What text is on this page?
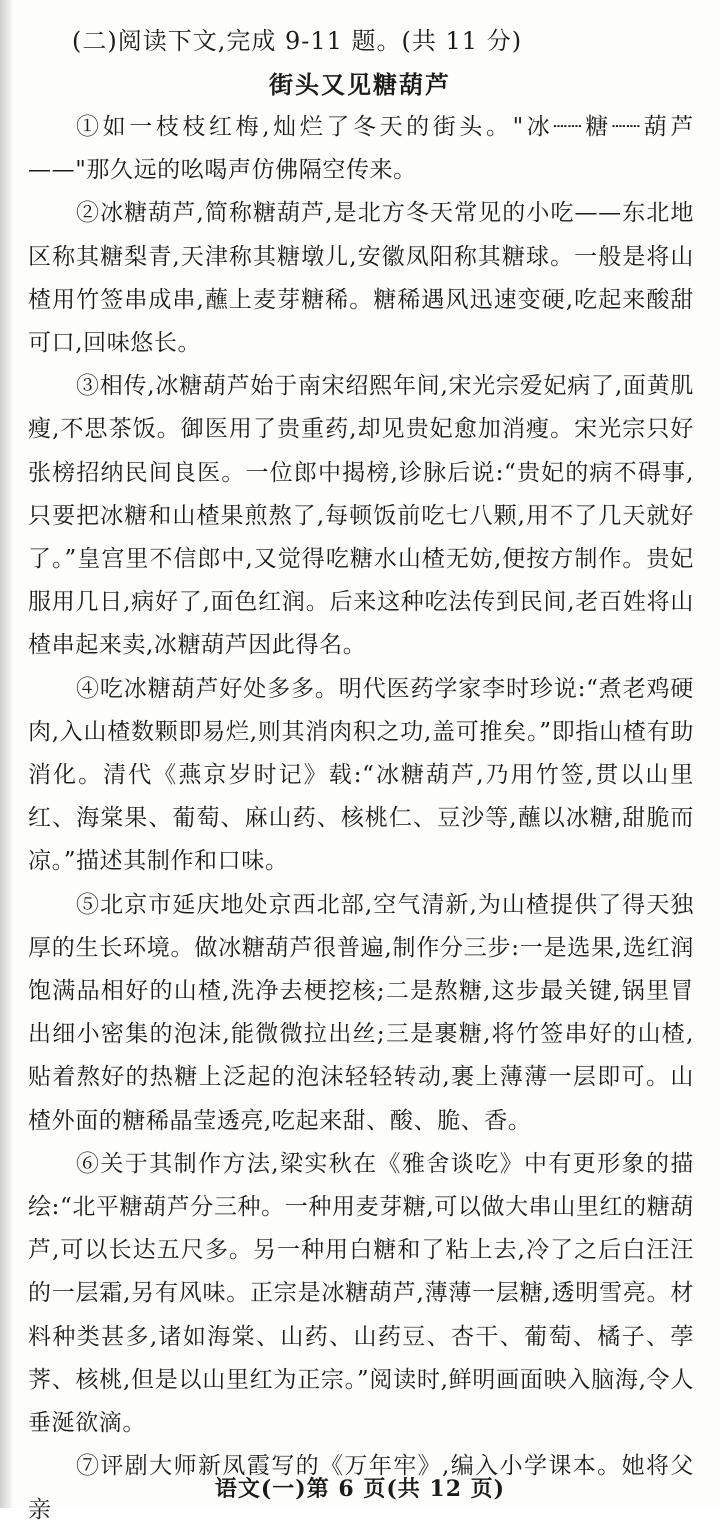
(二)阅读下文,完成 9-11 题。(共 11 分)
街头又见糖葫芦

①如一枝枝红梅,灿烂了冬天的街头。"冰┈┈糖┈┈葫芦——"那久远的吆喝声仿佛隔空传来。

②冰糖葫芦,简称糖葫芦,是北方冬天常见的小吃——东北地区称其糖梨青,天津称其糖墩儿,安徽凤阳称其糖球。一般是将山楂用竹签串成串,蘸上麦芽糖稀。糖稀遇风迅速变硬,吃起来酸甜可口,回味悠长。

③相传,冰糖葫芦始于南宋绍熙年间,宋光宗爱妃病了,面黄肌瘦,不思茶饭。御医用了贵重药,却见贵妃愈加消瘦。宋光宗只好张榜招纳民间良医。一位郎中揭榜,诊脉后说:“贵妃的病不碍事,只要把冰糖和山楂果煎熬了,每顿饭前吃七八颗,用不了几天就好了。”皇宫里不信郎中,又觉得吃糖水山楂无妨,便按方制作。贵妃服用几日,病好了,面色红润。后来这种吃法传到民间,老百姓将山楂串起来卖,冰糖葫芦因此得名。

④吃冰糖葫芦好处多多。明代医药学家李时珍说:“煮老鸡硬肉,入山楂数颗即易烂,则其消肉积之功,盖可推矣。”即指山楂有助消化。清代《燕京岁时记》载:“冰糖葫芦,乃用竹签,贯以山里红、海棠果、葡萄、麻山药、核桃仁、豆沙等,蘸以冰糖,甜脆而凉。”描述其制作和口味。

⑤北京市延庆地处京西北部,空气清新,为山楂提供了得天独厚的生长环境。做冰糖葫芦很普遍,制作分三步:一是选果,选红润饱满品相好的山楂,洗净去梗挖核;二是熬糖,这步最关键,锅里冒出细小密集的泡沫,能微微拉出丝;三是裹糖,将竹签串好的山楂,贴着熬好的热糖上泛起的泡沫轻轻转动,裹上薄薄一层即可。山楂外面的糖稀晶莹透亮,吃起来甜、酸、脆、香。

⑥关于其制作方法,梁实秋在《雅舍谈吃》中有更形象的描绘:“北平糖葫芦分三种。一种用麦芽糖,可以做大串山里红的糖葫芦,可以长达五尺多。另一种用白糖和了粘上去,冷了之后白汪汪的一层霜,另有风味。正宗是冰糖葫芦,薄薄一层糖,透明雪亮。材料种类甚多,诸如海棠、山药、山药豆、杏干、葡萄、橘子、荸荠、核桃,但是以山里红为正宗。”阅读时,鲜明画面映入脑海,令人垂涎欲滴。

⑦评剧大师新凤霞写的《万年牢》,编入小学课本。她将父亲

语文(一)第 6 页(共 12 页)
